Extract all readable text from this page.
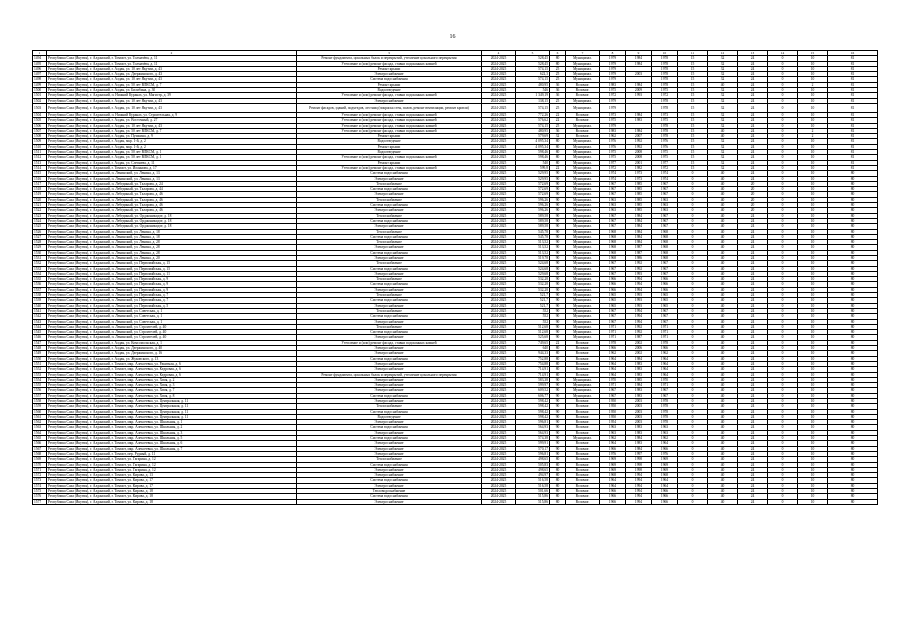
16
1	2	3	4	5	6	7	8	9	10	11	12	13	14	15	16
1494	Республика Саха (Якутия), г. Алданский, г. Томмот, ул. Толмачёва, д. 11	Ремонт фундамента, цокольных балок и перекрытий, утепление цокольного перекрытия	2024-2025	528,45	80	Муниципал.	1979	1984	1978	15	32	24	0	10	81
1495	Республика Саха (Якутия), г. Алданский, г. Томмот, ул. Толмачёва, д. 11	Утепление и (или) ремонт фасада, ставни подоконных камней	2024-2025	528,45	80	Муниципал.	1979	1984	1978	15	32	24	0	10	81
1496	Республика Саха (Якутия), г. Алданский, г. Алдан, ул. 10 лет Якутии, д. 43	Ремонт крыши	2024-2025	574,15	25	Муниципал.	1979		1978	15	32	24	0	10	81
1497	Республика Саха (Якутия), г. Алданский, г. Алдан, ул. Дзержинского, д. 43	Электроснабжение	2024-2025	622,3	25	Муниципал.	1979	2003	1978	15	32	24	0	10	81
1498	Республика Саха (Якутия), г. Алданский, г. Алдан, ул. 10 лет Якутии, д. 43	Система водоснабжения	2024-2025	574,15	25	Муниципал.	1979		1978	15	32	24	0	10	81
1499	Республика Саха (Якутия), г. Алданский, г. Алдан, ул. 50 лет ВЛКСМ, д. 7	Ремонт крыши	2024-2025	480,95	36	Вспомог.	1983	1984	1978	15	40	24	0	2	81
1500	Республика Саха (Якутия), г. Алданский, г. Алдан, ул. Билибина, д. 30	Водоотведение	2024-2025	546	36	Вспомог.	1975	2009	1975	15	32	24	0	10	81
1501	Республика Саха (Якутия), г. Алданский, п. Нижний Куранах, ул. Магистр, д. 39	Утепление и (или) ремонт фасада, ставни подоконных камней	2024-2025	1 349,19	36	Вспомог.	1972	1993	1972	15	32	24	0	10	81
1502	Республика Саха (Якутия), г. Алданский, г. Алдан, ул. 10 лет Якутии, д. 43	Электроснабжение	2024-2025	138,15	25	Муниципал.	1979		1978	15	32	24	0	10	81
1503	Республика Саха (Якутия), г. Алданский, г. Алдан, ул. 10 лет Якутии, д. 43	Ремонт фасадов, зданий, подъездов, лестниц (покраска стен, полов, ремонт вентиляции, ремонт кровли)	2024-2025	574,15	25	Муниципал.	1979		1978	15	32	24	0	10	81
1504	Республика Саха (Якутия), г. Алданский, п. Нижний Куранах, ул. Строительная, д. 9	Утепление и (или) ремонт фасада, ставни подоконных камней	2024-2025	772,26	22	Вспомог.	1973	1984	1973	15	32	24	0	10	81
1505	Республика Саха (Якутия), г. Алданский, г. Алдан, ул. Восточный, д. 27	Утепление и (или) ремонт фасада, ставни подоконных камней	2024-2025	576,62	22	Вспомог.	1975	1983	1975	15	32	24	0	10	81
1506	Республика Саха (Якутия), г. Алданский, г. Алдан, ул. 10 лет Якутии, д. 43	Утепление и (или) ремонт фасада, ставни подоконных камней	2024-2025	574,15	25	Муниципал.	1979		1978	15	32	24	0	10	81
1507	Республика Саха (Якутия), г. Алданский, г. Алдан, ул. 50 лет ВЛКСМ, д. 7	Утепление и (или) ремонт фасада, ставни подоконных камней	2024-2025	480,95	36	Вспомог.	1983	1984	1978	15	40	24	0	2	81
1508	Республика Саха (Якутия), г. Алданский, г. Алдан, ул. Пушкина, д. 9	Ремонт крыши	2024-2025	579,69	32	Вспомог.	1962	2007	1978	15	40	24	0	2	81
1509	Республика Саха (Якутия), г. Алданский, г. Алдан, мкр. 1-й, д. 2	Водоотведение	2024-2025	4 095,34	80	Муниципал.	1976	1992	1976	15	32	24	0	10	81
1510	Республика Саха (Якутия), г. Алданский, г. Алдан, мкр. 1-й, д. 2	Ремонт крыши	2024-2025	4 095,34	80	Муниципал.	1976	1992	1976	15	32	24	0	10	81
1511	Республика Саха (Якутия), г. Алданский, г. Алдан, ул. 50 лет ВЛКСМ, д. 1	Водоотведение	2024-2025	598,46	80	Муниципал.	1975	2008	1975	15	32	24	0	10	81
1512	Республика Саха (Якутия), г. Алданский, г. Алдан, ул. 50 лет ВЛКСМ, д. 1	Утепление и (или) ремонт фасада, ставни подоконных камней	2024-2025	598,46	80	Муниципал.	1975	2008	1975	15	32	24	0	10	81
1513	Республика Саха (Якутия), г. Алданский, г. Алдан, ул. Слепнева, д. 11	Ремонт крыши	2024-2025	540	80	Муниципал.	1977	2001	1977	15	32	24	0	10	81
1514	Республика Саха (Якутия), г. Алданский, г. Томмот, ул. Иоаннова, д. 17	Утепление и (или) ремонт фасада, ставни подоконных камней	2024-2025	599,8	22	Муниципал.	1972	1982	1972	15	32	24	0	10	81
1515	Республика Саха (Якутия), г. Алданский, п. Ленинский, ул. Ленина, д. 13	Система водоснабжения	2024-2025	529,95	90	Муниципал.	1974	1973	1974	0	40	24	0	10	80
1516	Республика Саха (Якутия), г. Алданский, п. Ленинский, ул. Ленина, д. 13	Электроснабжение	2024-2025	529,95	90	Муниципал.	1974	1973	1974	0	40	24	0	10	80
1517	Республика Саха (Якутия), г. Алданский, п. Лебединый, ул. Таларова, д. 24	Теплоснабжение	2024-2025	572,69	90	Муниципал.	1967	1985	1967	0	40	20	0	10	80
1518	Республика Саха (Якутия), г. Алданский, п. Лебединый, ул. Таларова, д. 44	Система водоснабжения	2024-2025	572,69	90	Муниципал.	1967	1985	1967	0	40	20	0	10	80
1519	Республика Саха (Якутия), г. Алданский, п. Лебединый, ул. Таларова, д. 46	Электроснабжение	2024-2025	572,69	90	Муниципал.	1967	1985	1967	0	40	20	0	10	80
1520	Республика Саха (Якутия), г. Алданский, п. Лебединый, ул. Таларова, д. 46	Теплоснабжение	2024-2025	596,26	90	Муниципал.	1963	1985	1963	0	40	20	0	10	80
1521	Республика Саха (Якутия), г. Алданский, п. Лебединый, ул. Таларова, д. 46	Система водоснабжения	2024-2025	596,26	90	Муниципал.	1963	1985	1963	0	40	20	0	10	80
1522	Республика Саха (Якутия), г. Алданский, п. Лебединый, ул. Таларова, д. 46	Электроснабжение	2024-2025	596,26	90	Муниципал.	1963	1985	1963	0	40	20	0	10	80
1523	Республика Саха (Якутия), г. Алданский, п. Лебединый, ул. Орджоникидзе, д. 18	Теплоснабжение	2024-2025	589,58	90	Муниципал.	1967	1984	1967	0	40	24	0	10	80
1524	Республика Саха (Якутия), г. Алданский, п. Лебединый, ул. Орджоникидзе, д. 18	Система водоснабжения	2024-2025	589,58	90	Муниципал.	1967	1984	1967	0	40	24	0	10	80
1525	Республика Саха (Якутия), г. Алданский, п. Лебединый, ул. Орджоникидзе, д. 18	Электроснабжение	2024-2025	589,58	90	Муниципал.	1967	1984	1967	0	40	24	0	10	80
1526	Республика Саха (Якутия), г. Алданский, п. Ленинский, ул. Ленина, д. 18	Теплоснабжение	2024-2025	545,78	90	Муниципал.	1968	1984	1968	0	40	24	0	10	80
1527	Республика Саха (Якутия), г. Алданский, п. Ленинский, ул. Ленина, д. 18	Система водоснабжения	2024-2025	545,78	90	Муниципал.	1968	1984	1968	0	40	24	0	10	80
1528	Республика Саха (Якутия), г. Алданский, п. Ленинский, ул. Ленина, д. 28	Теплоснабжение	2024-2025	513,52	90	Муниципал.	1968	1984	1968	0	40	24	0	10	80
1529	Республика Саха (Якутия), г. Алданский, п. Ленинский, ул. Ленина, д. 28	Электроснабжение	2024-2025	513,52	90	Муниципал.	1968	1987	1968	0	40	24	0	10	80
1530	Республика Саха (Якутия), г. Алданский, п. Ленинский, ул. Ленина, д. 28	Система водоснабжения	2024-2025	513,52	90	Муниципал.	1968	1987	1968	0	40	24	0	10	80
1531	Республика Саха (Якутия), г. Алданский, п. Ленинский, ул. Ленина, д. 20	Электроснабжение	2024-2025	519,78	90	Муниципал.	1968	1986	1968	0	40	24	0	10	80
1532	Республика Саха (Якутия), г. Алданский, п. Ленинский, ул. Первомайская, д. 15	Теплоснабжение	2024-2025	524,68	90	Муниципал.	1967	1992	1967	0	40	24	0	10	80
1533	Республика Саха (Якутия), г. Алданский, п. Ленинский, ул. Первомайская, д. 15	Система водоснабжения	2024-2025	524,68	90	Муниципал.	1967	1992	1967	0	40	24	0	10	80
1534	Республика Саха (Якутия), г. Алданский, п. Ленинский, ул. Первомайская, д. 11	Электроснабжение	2024-2025	529,68	90	Муниципал.	1967	1993	1967	0	40	24	0	10	80
1535	Республика Саха (Якутия), г. Алданский, п. Ленинский, ул. Первомайская, д. 9	Теплоснабжение	2024-2025	532,28	90	Муниципал.	1966	1994	1966	0	40	24	0	10	80
1536	Республика Саха (Якутия), г. Алданский, п. Ленинский, ул. Первомайская, д. 9	Система водоснабжения	2024-2025	532,28	90	Муниципал.	1966	1994	1966	0	40	24	0	10	80
1537	Республика Саха (Якутия), г. Алданский, п. Ленинский, ул. Первомайская, д. 9	Электроснабжение	2024-2025	532,28	90	Муниципал.	1966	1994	1966	0	40	24	0	10	80
1538	Республика Саха (Якутия), г. Алданский, п. Ленинский, ул. Первомайская, д. 7	Теплоснабжение	2024-2025	521,7	90	Муниципал.	1965	1993	1965	0	40	24	0	10	80
1539	Республика Саха (Якутия), г. Алданский, п. Ленинский, ул. Первомайская, д. 7	Система водоснабжения	2024-2025	521,7	90	Муниципал.	1965	1993	1965	0	40	24	0	10	80
1540	Республика Саха (Якутия), г. Алданский, п. Ленинский, ул. Первомайская, д. 5	Электроснабжение	2024-2025	521,7	90	Муниципал.	1965	1993	1965	0	40	24	0	10	80
1541	Республика Саха (Якутия), г. Алданский, п. Ленинский, ул. Советская, д. 1	Теплоснабжение	2024-2025	552	90	Муниципал.	1967	1994	1967	0	40	24	0	10	80
1542	Республика Саха (Якутия), г. Алданский, п. Ленинский, ул. Советская, д. 1	Система водоснабжения	2024-2025	552	90	Муниципал.	1967	1994	1967	0	40	24	0	10	80
1543	Республика Саха (Якутия), г. Алданский, п. Ленинский, ул. Советская, д. 1	Электроснабжение	2024-2025	552	90	Муниципал.	1967	1994	1967	0	40	24	0	10	80
1544	Республика Саха (Якутия), г. Алданский, п. Ленинский, ул. Строителей, д. 40	Теплоснабжение	2024-2025	512,68	90	Муниципал.	1971	1992	1971	0	40	24	0	10	80
1545	Республика Саха (Якутия), г. Алданский, п. Ленинский, ул. Строителей, д. 40	Система водоснабжения	2024-2025	512,68	90	Муниципал.	1971	1992	1971	0	40	24	0	10	80
1546	Республика Саха (Якутия), г. Алданский, п. Ленинский, ул. Строителей, д. 40	Электроснабжение	2024-2025	525,68	90	Муниципал.	1971	1987	1971	0	40	24	0	10	80
1547	Республика Саха (Якутия), г. Алданский, г. Алдан, ул. Комсомольская, д. 1	Утепление и (или) ремонт фасада, ставни подоконных камней	2024-2025	749,65	22	Вспомог.	1978	2002	1978	0	40	24	0	10	80
1548	Республика Саха (Якутия), г. Алданский, г. Алдан, ул. Дзержинского, д. 40	Электроснабжение	2024-2025	640	80	Вспомог.	1966	2006	1966	0	40	24	0	10	80
1549	Республика Саха (Якутия), г. Алданский, г. Алдан, ул. Дзержинского, д. 16	Электроснабжение	2024-2025	944,33	80	Вспомог.	1962	2002	1962	0	40	24	0	10	80
1550	Республика Саха (Якутия), г. Алданский, г. Алдан, ул. Жуковского, д. 13	Система водоснабжения	2024-2025	752,88	80	Вспомог.	1964	1984	1964	0	40	24	0	10	80
1551	Республика Саха (Якутия), г. Алданский, г. Томмот, мкр. Алексеевка, ул. Ракитная, д. 6	Электроснабжение	2024-2025	754,88	80	Вспомог.	1964	1983	1964	0	40	24	0	10	80
1552	Республика Саха (Якутия), г. Алданский, г. Томмот, мкр. Алексеевка, ул. Кедровая, д. 6	Электроснабжение	2024-2025	714,91	80	Вспомог.	1964	1983	1964	0	40	24	0	10	80
1553	Республика Саха (Якутия), г. Алданский, г. Томмот, мкр. Алексеевка, ул. Кедровая, д. 6	Ремонт фундамента, цокольных балок и перекрытий, утепление цокольного перекрытия	2024-2025	714,91	80	Вспомог.	1964	1983	1964	0	40	24	0	10	80
1554	Республика Саха (Якутия), г. Алданский, г. Томмот, мкр. Алексеевка, ул. Хвоя, д. 2	Электроснабжение	2024-2025	583,38	90	Муниципал.	1970	1985	1970	0	40	24	0	10	80
1555	Республика Саха (Якутия), г. Алданский, г. Томмот, мкр. Алексеевка, ул. Хвоя, д. 3	Электроснабжение	2024-2025	599,97	90	Муниципал.	1971	1984	1971	0	40	24	0	10	80
1556	Республика Саха (Якутия), г. Алданский, г. Томмот, мкр. Алексеевка, ул. Хвоя, д. 7	Электроснабжение	2024-2025	609,52	90	Муниципал.	1967	1983	1967	0	40	24	0	10	80
1557	Республика Саха (Якутия), г. Алданский, г. Томмот, мкр. Алексеевка, ул. Хвоя, д. 8	Система водоснабжения	2024-2025	606,77	90	Муниципал.	1967	1983	1967	0	40	24	0	10	80
1558	Республика Саха (Якутия), г. Алданский, г. Томмот, мкр. Алексеевка, ул. Центральная, д. 11	Электроснабжение	2024-2025	598,42	90	Вспомог.	1950	2003	1978	0	40	24	0	10	80
1559	Республика Саха (Якутия), г. Алданский, г. Томмот, мкр. Алексеевка, ул. Центральная, д. 11	Теплоснабжение	2024-2025	598,42	90	Вспомог.	1950	2003	1978	0	40	24	0	10	80
1560	Республика Саха (Якутия), г. Алданский, г. Томмот, мкр. Алексеевка, ул. Центральная, д. 11	Система водоснабжения	2024-2025	598,42	90	Вспомог.	1950	2003	1978	0	40	24	0	10	80
1561	Республика Саха (Якутия), г. Алданский, г. Томмот, мкр. Алексеевка, ул. Центральная, д. 11	Водоотведение	2024-2025	598,42	90	Вспомог.	1950	2003	1978	0	40	24	0	10	80
1562	Республика Саха (Якутия), г. Алданский, г. Томмот, мкр. Алексеевка, ул. Школьная, д. 1	Электроснабжение	2024-2025	596,81	90	Вспомог.	1954	2003	1978	0	40	24	0	10	80
1563	Республика Саха (Якутия), г. Алданский, г. Томмот, мкр. Алексеевка, ул. Школьная, д. 2	Система водоснабжения	2024-2025	564,93	90	Вспомог.	1963	1983	1963	0	40	24	0	10	80
1564	Республика Саха (Якутия), г. Алданский, г. Томмот, мкр. Алексеевка, ул. Школьная, д. 3	Электроснабжение	2024-2025	564,93	90	Вспомог.	1963	1983	1963	0	40	24	0	10	80
1565	Республика Саха (Якутия), г. Алданский, г. Томмот, мкр. Алексеевка, ул. Школьная, д. 5	Система водоснабжения	2024-2025	574,38	90	Муниципал.	1962	1984	1962	0	40	24	0	10	80
1566	Республика Саха (Якутия), г. Алданский, г. Томмот, мкр. Алексеевка, ул. Школьная, д. 6	Электроснабжение	2024-2025	599,91	90	Вспомог.	1964	1983	1964	0	40	24	0	10	80
1567	Республика Саха (Якутия), г. Алданский, г. Томмот, мкр. Алексеевка, ул. Школьная, д. 7	Электроснабжение	2024-2025	570,17	90	Вспомог.	1966	1984	1966	0	40	24	0	10	80
1568	Республика Саха (Якутия), г. Алданский, г. Томмот, пер. Рудный, д. 11	Электроснабжение	2024-2025	596,81	90	Вспомог.	1976	1997	1976	0	40	24	0	10	80
1569	Республика Саха (Якутия), г. Алданский, г. Томмот, ул. Гагарина, д. 12	Теплоснабжение	2024-2025	498,65	80	Вспомог.	1969	1998	1969	0	40	24	0	10	80
1570	Республика Саха (Якутия), г. Алданский, г. Томмот, ул. Гагарина, д. 12	Система водоснабжения	2024-2025	505,83	80	Вспомог.	1969	1998	1969	0	40	24	0	10	80
1571	Республика Саха (Якутия), г. Алданский, г. Томмот, ул. Гагарина, д. 12	Электроснабжение	2024-2025	498,65	80	Вспомог.	1969	1998	1969	0	40	24	0	10	80
1572	Республика Саха (Якутия), г. Алданский, г. Томмот, ул. Кирова, д. 13	Электроснабжение	2024-2025	494,97	80	Вспомог.	1968	1994	1968	0	40	24	0	10	80
1573	Республика Саха (Якутия), г. Алданский, г. Томмот, ул. Кирова, д. 17	Система водоснабжения	2024-2025	516,58	80	Вспомог.	1964	1994	1964	0	40	24	0	10	80
1574	Республика Саха (Якутия), г. Алданский, г. Томмот, ул. Кирова, д. 17	Электроснабжение	2024-2025	516,58	80	Вспомог.	1964	1994	1964	0	40	24	0	10	80
1575	Республика Саха (Якутия), г. Алданский, г. Томмот, ул. Кирова, д. 18	Тепловодоснабжение	2024-2025	501,66	80	Вспомог.	1966	1994	1966	0	40	24	0	10	80
1576	Республика Саха (Якутия), г. Алданский, г. Томмот, ул. Кирова, д. 18	Система водоснабжения	2024-2025	515,86	80	Вспомог.	1966	1994	1966	0	40	24	0	10	80
1577	Республика Саха (Якутия), г. Алданский, г. Томмот, ул. Кирова, д. 18	Электроснабжение	2024-2025	515,86	80	Вспомог.	1966	1994	1966	0	40	24	0	10	80
